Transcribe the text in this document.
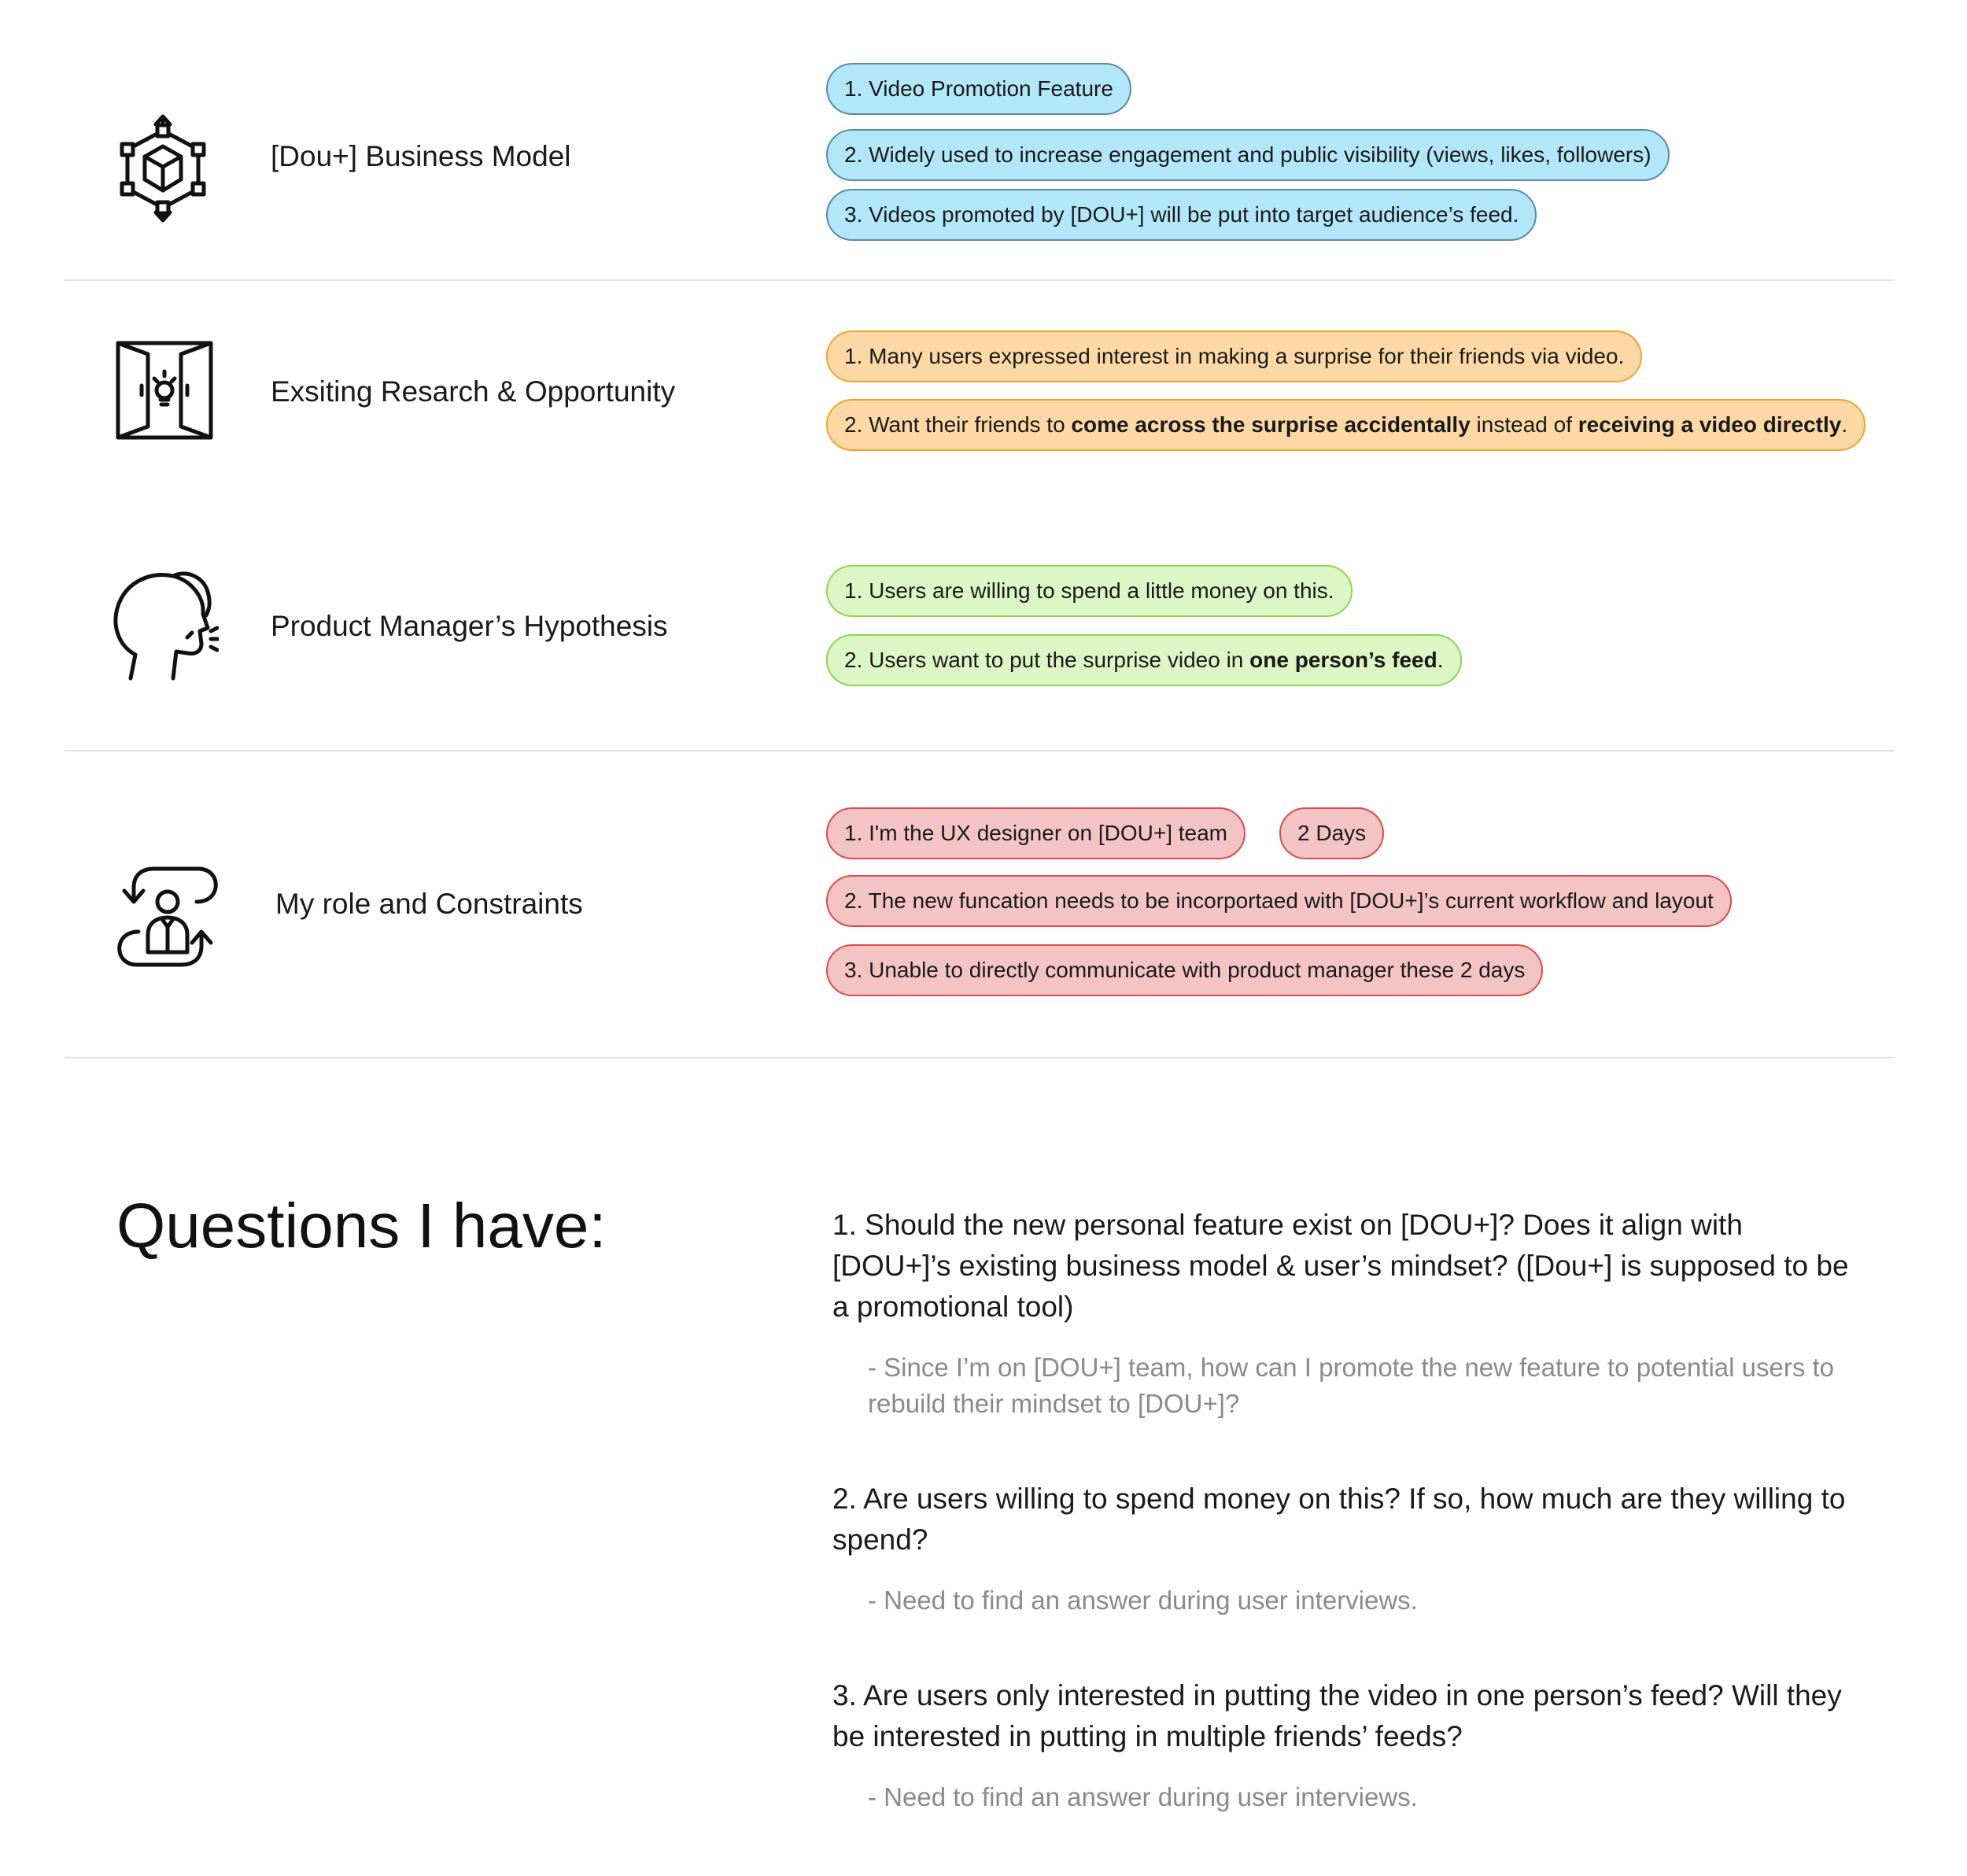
[Dou+] Business Model
1. Video Promotion Feature
2. Widely used to increase engagement and public visibility (views, likes, followers)
3. Videos promoted by [DOU+] will be put into target audience’s feed.
Exsiting Resarch & Opportunity
1. Many users expressed interest in making a surprise for their friends via video.
2. Want their friends to come across the surprise accidentally instead of receiving a video directly.
Product Manager’s Hypothesis
1. Users are willing to spend a little money on this.
2. Users want to put the surprise video in one person’s feed.
My role and Constraints
1. I'm the UX designer on [DOU+] team	2 Days
2. The new funcation needs to be incorportaed with [DOU+]’s current workflow and layout
3. Unable to directly communicate with product manager these 2 days
Questions I have:	1. Should the new personal feature exist on [DOU+]? Does it align with [DOU+]’s existing business model & user’s mindset? ([Dou+] is supposed to be a promotional tool)
- Since I’m on [DOU+] team, how can I promote the new feature to potential users to rebuild their mindset to [DOU+]?
2. Are users willing to spend money on this? If so, how much are they willing to spend?
- Need to find an answer during user interviews.
3. Are users only interested in putting the video in one person’s feed? Will they be interested in putting in multiple friends’ feeds?
- Need to find an answer during user interviews.
